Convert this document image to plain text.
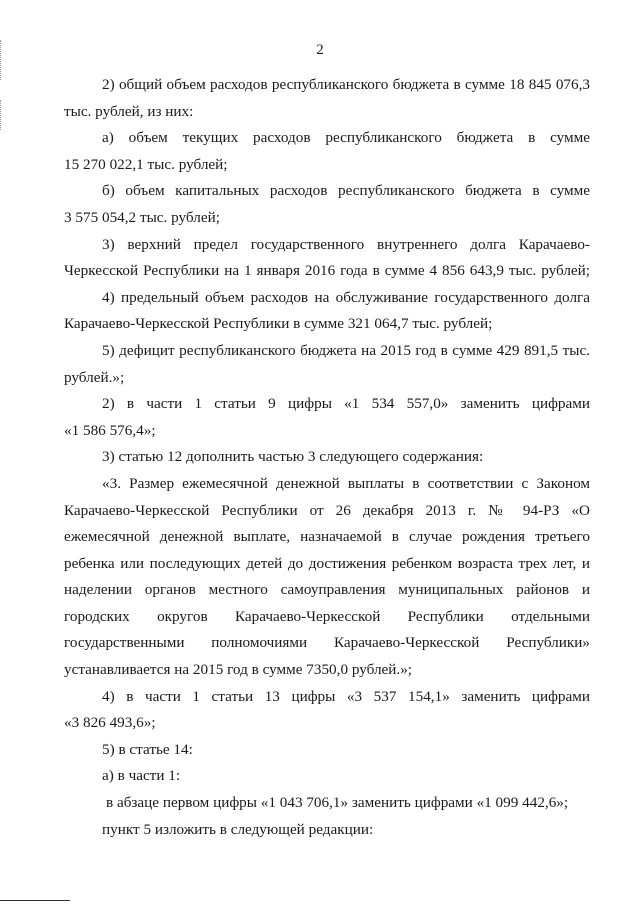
2
2) общий объем расходов республиканского бюджета в сумме 18 845 076,3
тыс. рублей, из них:
а) объем текущих расходов республиканского бюджета в сумме
15 270 022,1 тыс. рублей;
б) объем капитальных расходов республиканского бюджета в сумме
3 575 054,2 тыс. рублей;
3) верхний предел государственного внутреннего долга Карачаево-
Черкесской Республики на 1 января 2016 года в сумме 4 856 643,9 тыс. рублей;
4) предельный объем расходов на обслуживание государственного долга
Карачаево-Черкесской Республики в сумме 321 064,7 тыс. рублей;
5) дефицит республиканского бюджета на 2015 год в сумме 429 891,5 тыс.
рублей.»;
2) в части 1 статьи 9 цифры «1 534 557,0» заменить цифрами
«1 586 576,4»;
3) статью 12 дополнить частью 3 следующего содержания:
«3. Размер ежемесячной денежной выплаты в соответствии с Законом
Карачаево-Черкесской Республики от 26 декабря 2013 г. № 94-РЗ «О
ежемесячной денежной выплате, назначаемой в случае рождения третьего
ребенка или последующих детей до достижения ребенком возраста трех лет, и
наделении органов местного самоуправления муниципальных районов и
городских округов Карачаево-Черкесской Республики отдельными
государственными полномочиями Карачаево-Черкесской Республики»
устанавливается на 2015 год в сумме 7350,0 рублей.»;
4) в части 1 статьи 13 цифры «3 537 154,1» заменить цифрами
«3 826 493,6»;
5) в статье 14:
а) в части 1:
в абзаце первом цифры «1 043 706,1» заменить цифрами «1 099 442,6»;
пункт 5 изложить в следующей редакции:
